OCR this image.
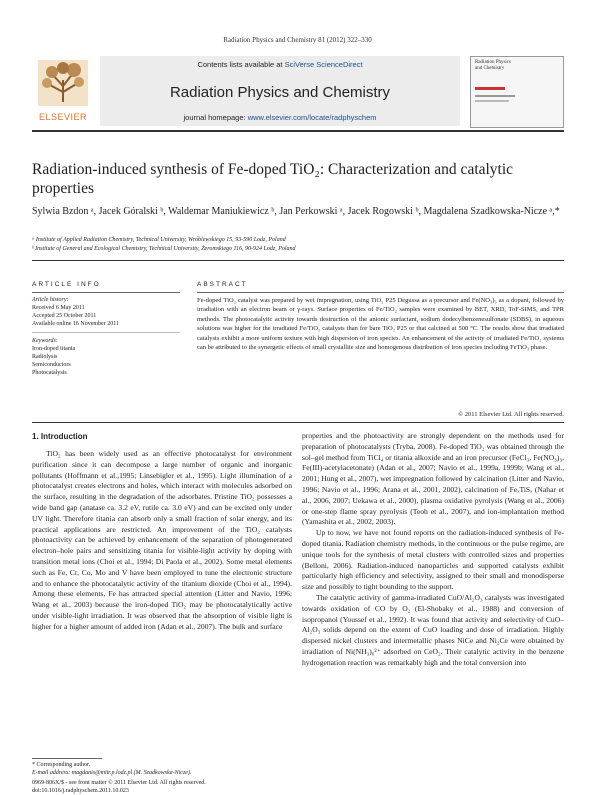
Radiation Physics and Chemistry 81 (2012) 322–330
ELSEVIER
Contents lists available at SciVerse ScienceDirect
Radiation Physics and Chemistry
journal homepage: www.elsevier.com/locate/radphyschem
Radiation Physics and Chemistry
Radiation-induced synthesis of Fe-doped TiO₂: Characterization and catalytic properties
Sylwia Bzdon ᵃ, Jacek Góralski ᵇ, Waldemar Maniukiewicz ᵇ, Jan Perkowski ᵃ, Jacek Rogowski ᵇ, Magdalena Szadkowska-Nicze ᵃ,*
ᵃ Institute of Applied Radiation Chemistry, Technical University, Wróblewskiego 15, 93-590 Lodz, Poland
ᵇ Institute of General and Ecological Chemistry, Technical University, Żeromskiego 116, 90-924 Lodz, Poland
ARTICLE INFO	ABSTRACT
Article history:
Received 6 May 2011
Accepted 25 October 2011
Available online 16 November 2011
Keywords:
Iron-doped titania
Radiolysis
Semiconductors
Photocatalysis
Fe-doped TiO₂ catalyst was prepared by wet impregnation, using TiO₂ P25 Degussa as a precursor and Fe(NO₃)₃ as a dopant, followed by irradiation with an electron beam or γ-rays. Surface properties of Fe/TiO₂ samples were examined by BET, XRD, ToF-SIMS, and TPR methods. The photocatalytic activity towards destruction of the anionic surfactant, sodium dodecylbenzenesulfonate (SDBS), in aqueous solutions was higher for the irradiated Fe/TiO₂ catalysts than for bare TiO₂ P25 or that calcined at 500 °C. The results show that irradiated catalysts exhibit a more uniform texture with high dispersion of iron species. An enhancement of the activity of irradiated Fe/TiO₂ systems can be attributed to the synergetic effects of small crystallite size and homogenous distribution of iron species including FeTiO₃ phase.
© 2011 Elsevier Ltd. All rights reserved.
1. Introduction

TiO₂ has been widely used as an effective photocatalyst for environment purification since it can decompose a large number of organic and inorganic pollutants (Hoffmann et al.,1995; Linsebigler et al., 1995). Light illumination of a photocatalyst creates electrons and holes, which interact with molecules adsorbed on the surface, resulting in the degradation of the adsorbates. Pristine TiO₂ possesses a wide band gap (anatase ca. 3.2 eV, rutile ca. 3.0 eV) and can be excited only under UV light. Therefore titania can absorb only a small fraction of solar energy, and its practical applications are restricted. An improvement of the TiO₂ catalysts photoactivity can be achieved by enhancement of the separation of photogenerated electron–hole pairs and sensitizing titania for visible-light activity by doping with transition metal ions (Choi et al., 1994; Di Paola et al., 2002). Some metal elements such as Fe, Cr, Co, Mo and V have been employed to tune the electronic structure and to enhance the photocatalytic activity of the titanium dioxide (Choi et al., 1994). Among these elements, Fe has attracted special attention (Litter and Navio, 1996; Wang et al., 2003) because the iron-doped TiO₂ may be photocatalytically active under visible-light irradiation. It was observed that the absorption of visible light is higher for a higher amount of added iron (Adan et al., 2007). The bulk and surface

properties and the photoactivity are strongly dependent on the methods used for preparation of photocatalysts (Tryba, 2008). Fe-doped TiO₂ was obtained through the sol–gel method from TiCl₄ or titania alkoxide and an iron precursor (FeCl₃, Fe(NO₃)₃, Fe(III)-acetylacetonate) (Adan et al., 2007; Navio et al., 1999a, 1999b; Wang et al., 2001; Hung et al., 2007), wet impregnation followed by calcination (Litter and Navio, 1996; Navio et al., 1996; Arana et al., 2001, 2002), calcination of FeₓTiSₓ (Nahar et al., 2006, 2007; Uekawa et al., 2000), plasma oxidative pyrolysis (Wang et al., 2006) or one-step flame spray pyrolysis (Teoh et al., 2007), and ion-implantation method (Yamashita et al., 2002, 2003).

Up to now, we have not found reports on the radiation-induced synthesis of Fe-doped titania. Radiation chemistry methods, in the continuous or the pulse regime, are unique tools for the synthesis of metal clusters with controlled sizes and properties (Belloni, 2006). Radiation-induced nanoparticles and supported catalysts exhibit particularly high efficiency and selectivity, assigned to their small and monodisperse size and possibly to tight bounding to the support.

The catalytic activity of gamma-irradiated CuO/Al₂O₃ catalysts was investigated towards oxidation of CO by O₂ (El-Shobaky et al., 1988) and conversion of isopropanol (Youssef et al., 1992). It was found that activity and selectivity of CuO–Al₂O₃ solids depend on the extent of CuO loading and dose of irradiation. Highly dispersed nickel clusters and intermetallic phases NiCe and Ni₂Ce were obtained by irradiation of Ni(NH₃)₆²⁺ adsorbed on CeO₂. Their catalytic activity in the benzene hydrogenation reaction was remarkably high and the total conversion into

* Corresponding author.
E-mail address: magdanis@mitr.p.lodz.pl (M. Szadkowska-Nicze).
0969-806X/$ - see front matter © 2011 Elsevier Ltd. All rights reserved.
doi:10.1016/j.radphyschem.2011.10.023
